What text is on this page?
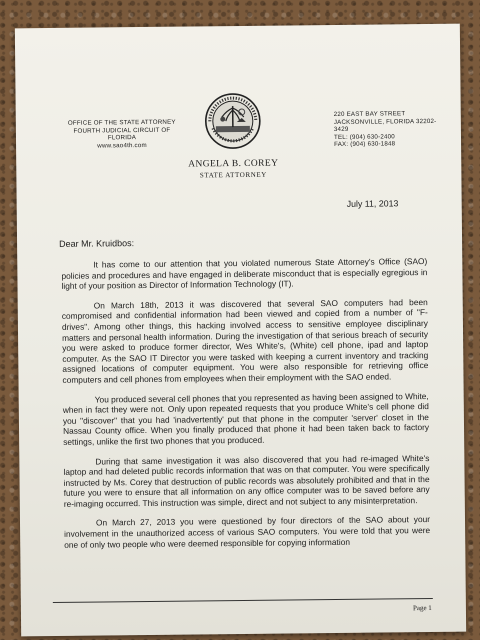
OFFICE OF THE STATE ATTORNEY
FOURTH JUDICIAL CIRCUIT OF FLORIDA
www.sao4th.com
220 EAST BAY STREET
JACKSONVILLE, FLORIDA 32202-3429
TEL: (904) 630-2400
FAX: (904) 630-1848
ANGELA B. COREY
STATE ATTORNEY
July 11, 2013
Dear Mr. Kruidbos:

It has come to our attention that you violated numerous State Attorney's Office (SAO) policies and procedures and have engaged in deliberate misconduct that is especially egregious in light of your position as Director of Information Technology (IT).

On March 18th, 2013 it was discovered that several SAO computers had been compromised and confidential information had been viewed and copied from a number of "F-drives". Among other things, this hacking involved access to sensitive employee disciplinary matters and personal health information. During the investigation of that serious breach of security you were asked to produce former director, Wes White's, (White) cell phone, ipad and laptop computer. As the SAO IT Director you were tasked with keeping a current inventory and tracking assigned locations of computer equipment. You were also responsible for retrieving office computers and cell phones from employees when their employment with the SAO ended.

You produced several cell phones that you represented as having been assigned to White, when in fact they were not. Only upon repeated requests that you produce White's cell phone did you "discover" that you had 'inadvertently' put that phone in the computer 'server' closet in the Nassau County office. When you finally produced that phone it had been taken back to factory settings, unlike the first two phones that you produced.

During that same investigation it was also discovered that you had re-imaged White's laptop and had deleted public records information that was on that computer. You were specifically instructed by Ms. Corey that destruction of public records was absolutely prohibited and that in the future you were to ensure that all information on any office computer was to be saved before any re-imaging occurred. This instruction was simple, direct and not subject to any misinterpretation.

On March 27, 2013 you were questioned by four directors of the SAO about your involvement in the unauthorized access of various SAO computers. You were told that you were one of only two people who were deemed responsible for copying information

Page 1
